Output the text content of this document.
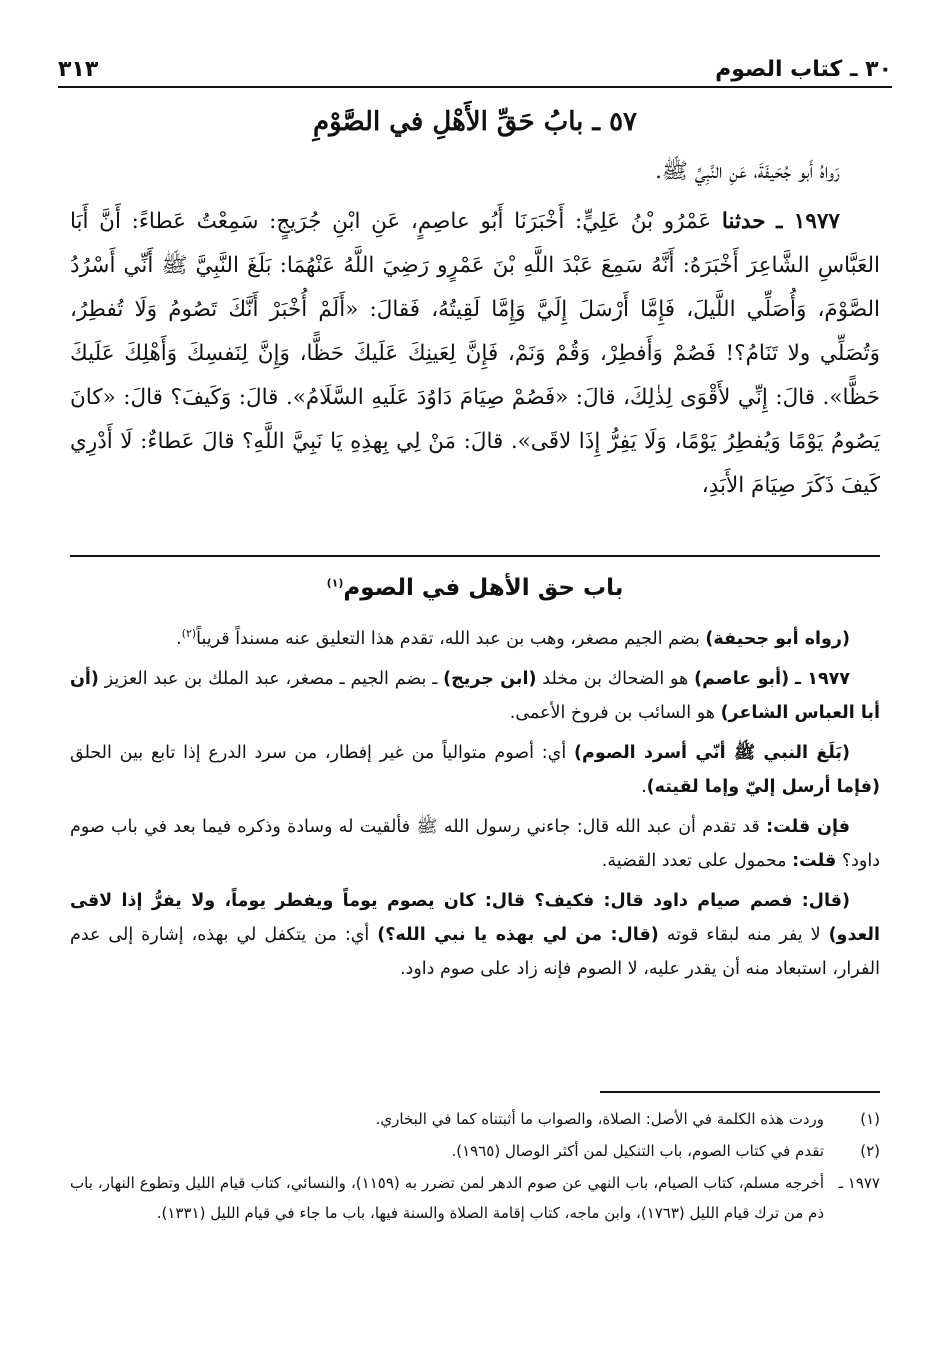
٣٠ ـ كتاب الصوم
٣١٣
٥٧ ـ بابُ حَقِّ الأَهْلِ في الصَّوْمِ

رَواهُ أَبو جُحَيفَةَ، عَنِ النَّبِيِّ ﷺ.

١٩٧٧ ـ حدثنا عَمْرُو بْنُ عَلِيٍّ: أَخْبَرَنَا أَبُو عاصِمٍ، عَنِ ابْنِ جُرَيجٍ: سَمِعْتُ عَطاءً: أَنَّ أَبَا العَبَّاسِ الشَّاعِرَ أَخْبَرَهُ: أَنَّهُ سَمِعَ عَبْدَ اللَّهِ بْنَ عَمْرٍو رَضِيَ اللَّهُ عَنْهُمَا: بَلَغَ النَّبِيَّ ﷺ أَنِّي أَسْرُدُ الصَّوْمَ، وَأُصَلِّي اللَّيلَ، فَإِمَّا أَرْسَلَ إِلَيَّ وَإِمَّا لَقِيتُهُ، فَقالَ: «أَلَمْ أُخْبَرْ أَنَّكَ تَصُومُ وَلَا تُفطِرُ، وَتُصَلِّي ولا تَنَامُ؟! فَصُمْ وَأَفطِرْ، وَقُمْ وَنَمْ، فَإِنَّ لِعَينِكَ عَلَيكَ حَظًّا، وَإِنَّ لِنَفسِكَ وَأَهْلِكَ عَلَيكَ حَظًّا». قالَ: إِنِّي لأَقْوَى لِذٰلِكَ، قالَ: «فَصُمْ صِيَامَ دَاوُدَ عَلَيهِ السَّلَامُ». قالَ: وَكَيفَ؟ قالَ: «كانَ يَصُومُ يَوْمًا وَيُفطِرُ يَوْمًا، وَلَا يَفِرُّ إِذَا لاقَى». قالَ: مَنْ لِي بِهذِهِ يَا نَبِيَّ اللَّهِ؟ قالَ عَطاءٌ: لَا أَدْرِي كَيفَ ذَكَرَ صِيَامَ الأَبَدِ،

باب حق الأهل في الصوم$^{(١)}$

(رواه أبو جحيفة) بضم الجيم مصغر، وهب بن عبد الله، تقدم هذا التعليق عنه مسنداً قريباً$^{(٢)}$.

١٩٧٧ ـ (أبو عاصم) هو الضحاك بن مخلد (ابن جريج) ـ بضم الجيم ـ مصغر، عبد الملك بن عبد العزيز (أن أبا العباس الشاعر) هو السائب بن فروخ الأعمى.

(بَلَغ النبي ﷺ أنّي أسرد الصوم) أي: أصوم متوالياً من غير إفطار، من سرد الدرع إذا تابع بين الحلق (فإما أرسل إليّ وإما لقيته).

فإن قلت: قد تقدم أن عبد الله قال: جاءني رسول الله ﷺ فألقيت له وسادة وذكره فيما بعد في باب صوم داود؟ قلت: محمول على تعدد القضية.

(قال: فصم صيام داود قال: فكيف؟ قال: كان يصوم يوماً ويفطر يوماً، ولا يفرُّ إذا لاقى العدو) لا يفر منه لبقاء قوته (قال: من لي بهذه يا نبي الله؟) أي: من يتكفل لي بهذه، إشارة إلى عدم الفرار، استبعاد منه أن يقدر عليه، لا الصوم فإنه زاد على صوم داود.

(١)
وردت هذه الكلمة في الأصل: الصلاة، والصواب ما أثبتناه كما في البخاري.
(٢)
تقدم في كتاب الصوم، باب التنكيل لمن أكثر الوصال (١٩٦٥).
١٩٧٧ ـ
أخرجه مسلم، كتاب الصيام، باب النهي عن صوم الدهر لمن تضرر به (١١٥٩)، والنسائي، كتاب قيام الليل وتطوع النهار، باب ذم من ترك قيام الليل (١٧٦٣)، وابن ماجه، كتاب إقامة الصلاة والسنة فيها، باب ما جاء في قيام الليل (١٣٣١).
